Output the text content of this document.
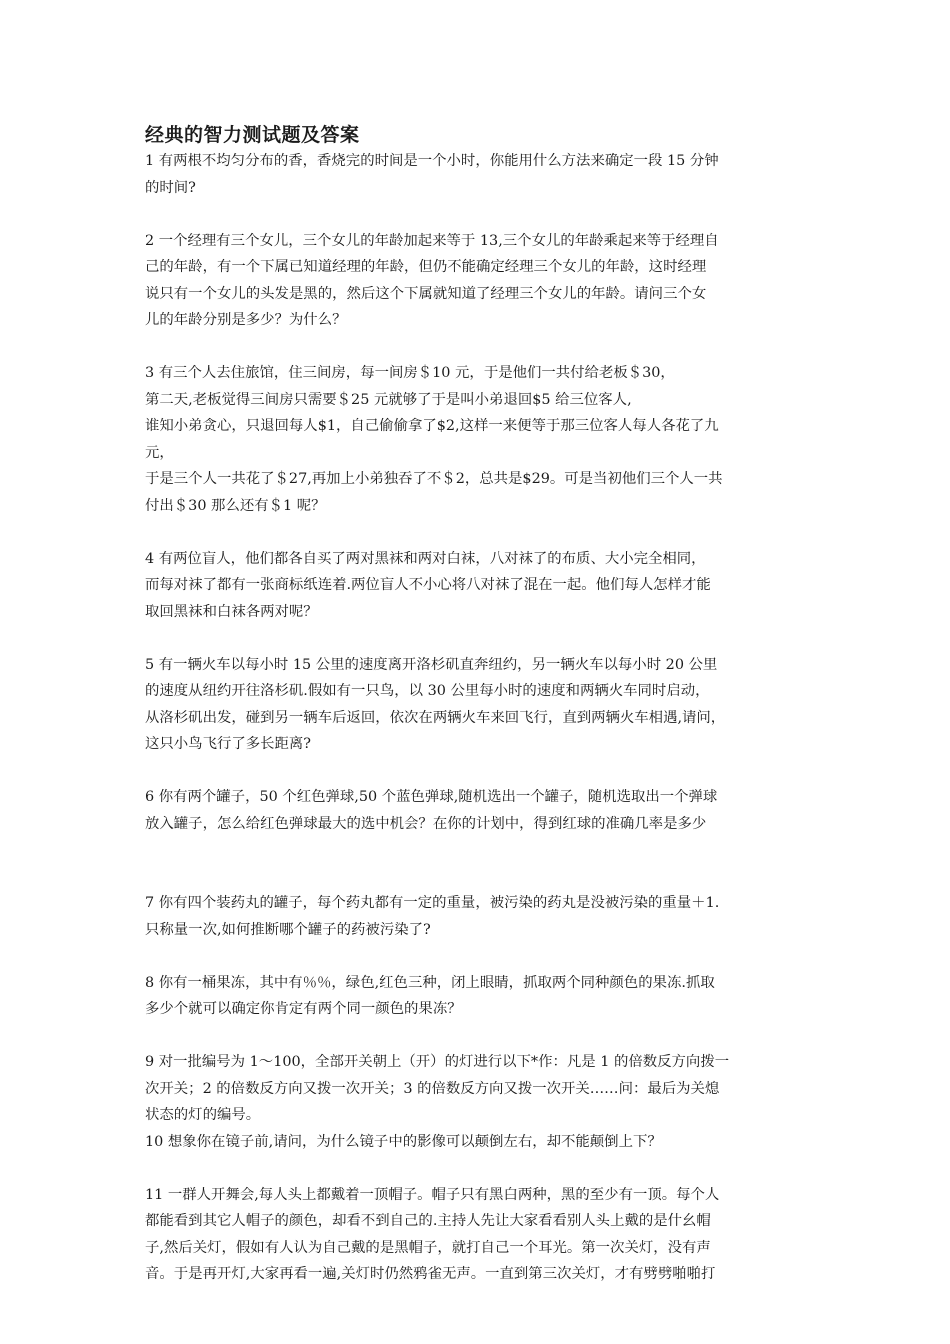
经典的智力测试题及答案
1 有两根不均匀分布的香，香烧完的时间是一个小时，你能用什么方法来确定一段 15 分钟
的时间?
2 一个经理有三个女儿，三个女儿的年龄加起来等于 13,三个女儿的年龄乘起来等于经理自
己的年龄，有一个下属已知道经理的年龄，但仍不能确定经理三个女儿的年龄，这时经理
说只有一个女儿的头发是黑的，然后这个下属就知道了经理三个女儿的年龄。请问三个女
儿的年龄分别是多少？为什么？
3 有三个人去住旅馆，住三间房，每一间房＄10 元，于是他们一共付给老板＄30，
第二天,老板觉得三间房只需要＄25 元就够了于是叫小弟退回$5 给三位客人,
谁知小弟贪心，只退回每人$1，自己偷偷拿了$2,这样一来便等于那三位客人每人各花了九
元，
于是三个人一共花了＄27,再加上小弟独吞了不＄2，总共是$29。可是当初他们三个人一共
付出＄30 那么还有＄1 呢？
4 有两位盲人，他们都各自买了两对黑袜和两对白袜，八对袜了的布质、大小完全相同，
而每对袜了都有一张商标纸连着.两位盲人不小心将八对袜了混在一起。他们每人怎样才能
取回黑袜和白袜各两对呢？
5 有一辆火车以每小时 15 公里的速度离开洛杉矶直奔纽约，另一辆火车以每小时 20 公里
的速度从纽约开往洛杉矶.假如有一只鸟，以 30 公里每小时的速度和两辆火车同时启动，
从洛杉矶出发，碰到另一辆车后返回，依次在两辆火车来回飞行，直到两辆火车相遇,请问，
这只小鸟飞行了多长距离?
6 你有两个罐子，50 个红色弹球,50 个蓝色弹球,随机选出一个罐子，随机选取出一个弹球
放入罐子，怎么给红色弹球最大的选中机会？在你的计划中，得到红球的准确几率是多少
7 你有四个装药丸的罐子，每个药丸都有一定的重量，被污染的药丸是没被污染的重量＋1.
只称量一次,如何推断哪个罐子的药被污染了?
8 你有一桶果冻，其中有％％，绿色,红色三种，闭上眼睛，抓取两个同种颜色的果冻.抓取
多少个就可以确定你肯定有两个同一颜色的果冻？
9 对一批编号为 1～100，全部开关朝上（开）的灯进行以下*作：凡是 1 的倍数反方向拨一
次开关；2 的倍数反方向又拨一次开关；3 的倍数反方向又拨一次开关……问：最后为关熄
状态的灯的编号。
10 想象你在镜子前,请问，为什么镜子中的影像可以颠倒左右，却不能颠倒上下？
11 一群人开舞会,每人头上都戴着一顶帽子。帽子只有黑白两种，黑的至少有一顶。每个人
都能看到其它人帽子的颜色，却看不到自己的.主持人先让大家看看别人头上戴的是什幺帽
子,然后关灯，假如有人认为自己戴的是黑帽子，就打自己一个耳光。第一次关灯，没有声
音。于是再开灯,大家再看一遍,关灯时仍然鸦雀无声。一直到第三次关灯，才有劈劈啪啪打
